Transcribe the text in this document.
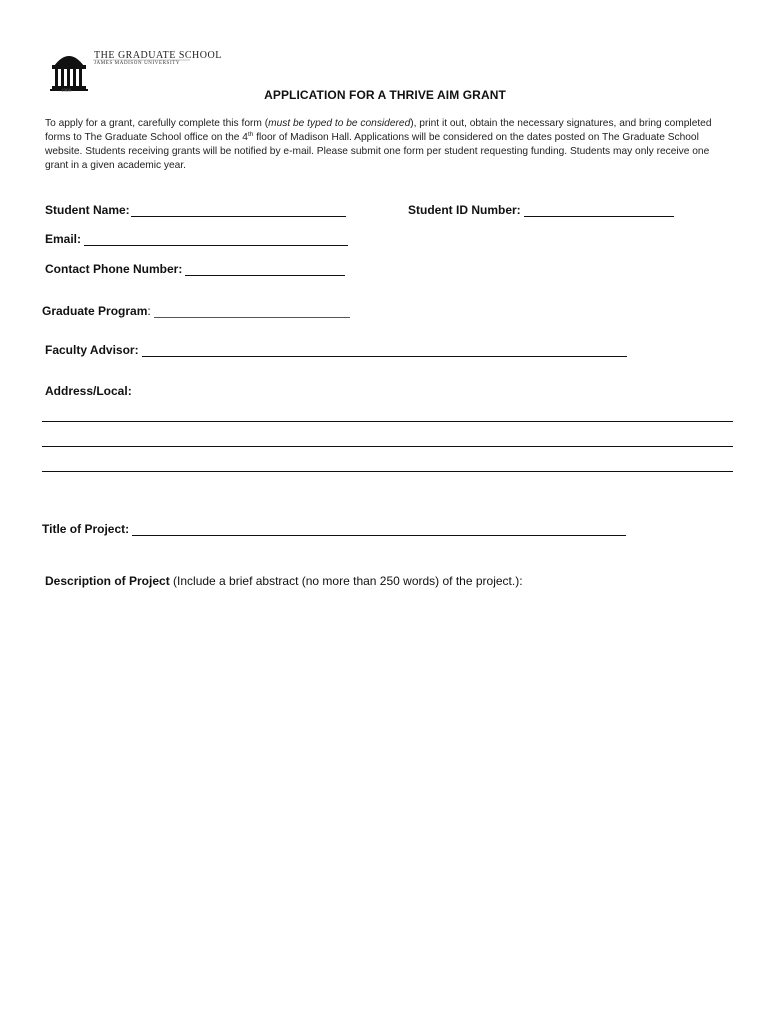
THE GRADUATE SCHOOL
JAMES MADISON UNIVERSITY
1908	APPLICATION FOR A THRIVE AIM GRANT
To apply for a grant, carefully complete this form (must be typed to be considered), print it out, obtain the necessary signatures, and bring completed forms to The Graduate School office on the 4th floor of Madison Hall. Applications will be considered on the dates posted on The Graduate School website. Students receiving grants will be notified by e-mail. Please submit one form per student requesting funding. Students may only receive one grant in a given academic year.
Student Name:	Student ID Number:
Email:
Contact Phone Number:
Graduate Program :
Faculty Advisor:
Address/Local:
Title of Project:
Description of Project (Include a brief abstract (no more than 250 words) of the project.):
